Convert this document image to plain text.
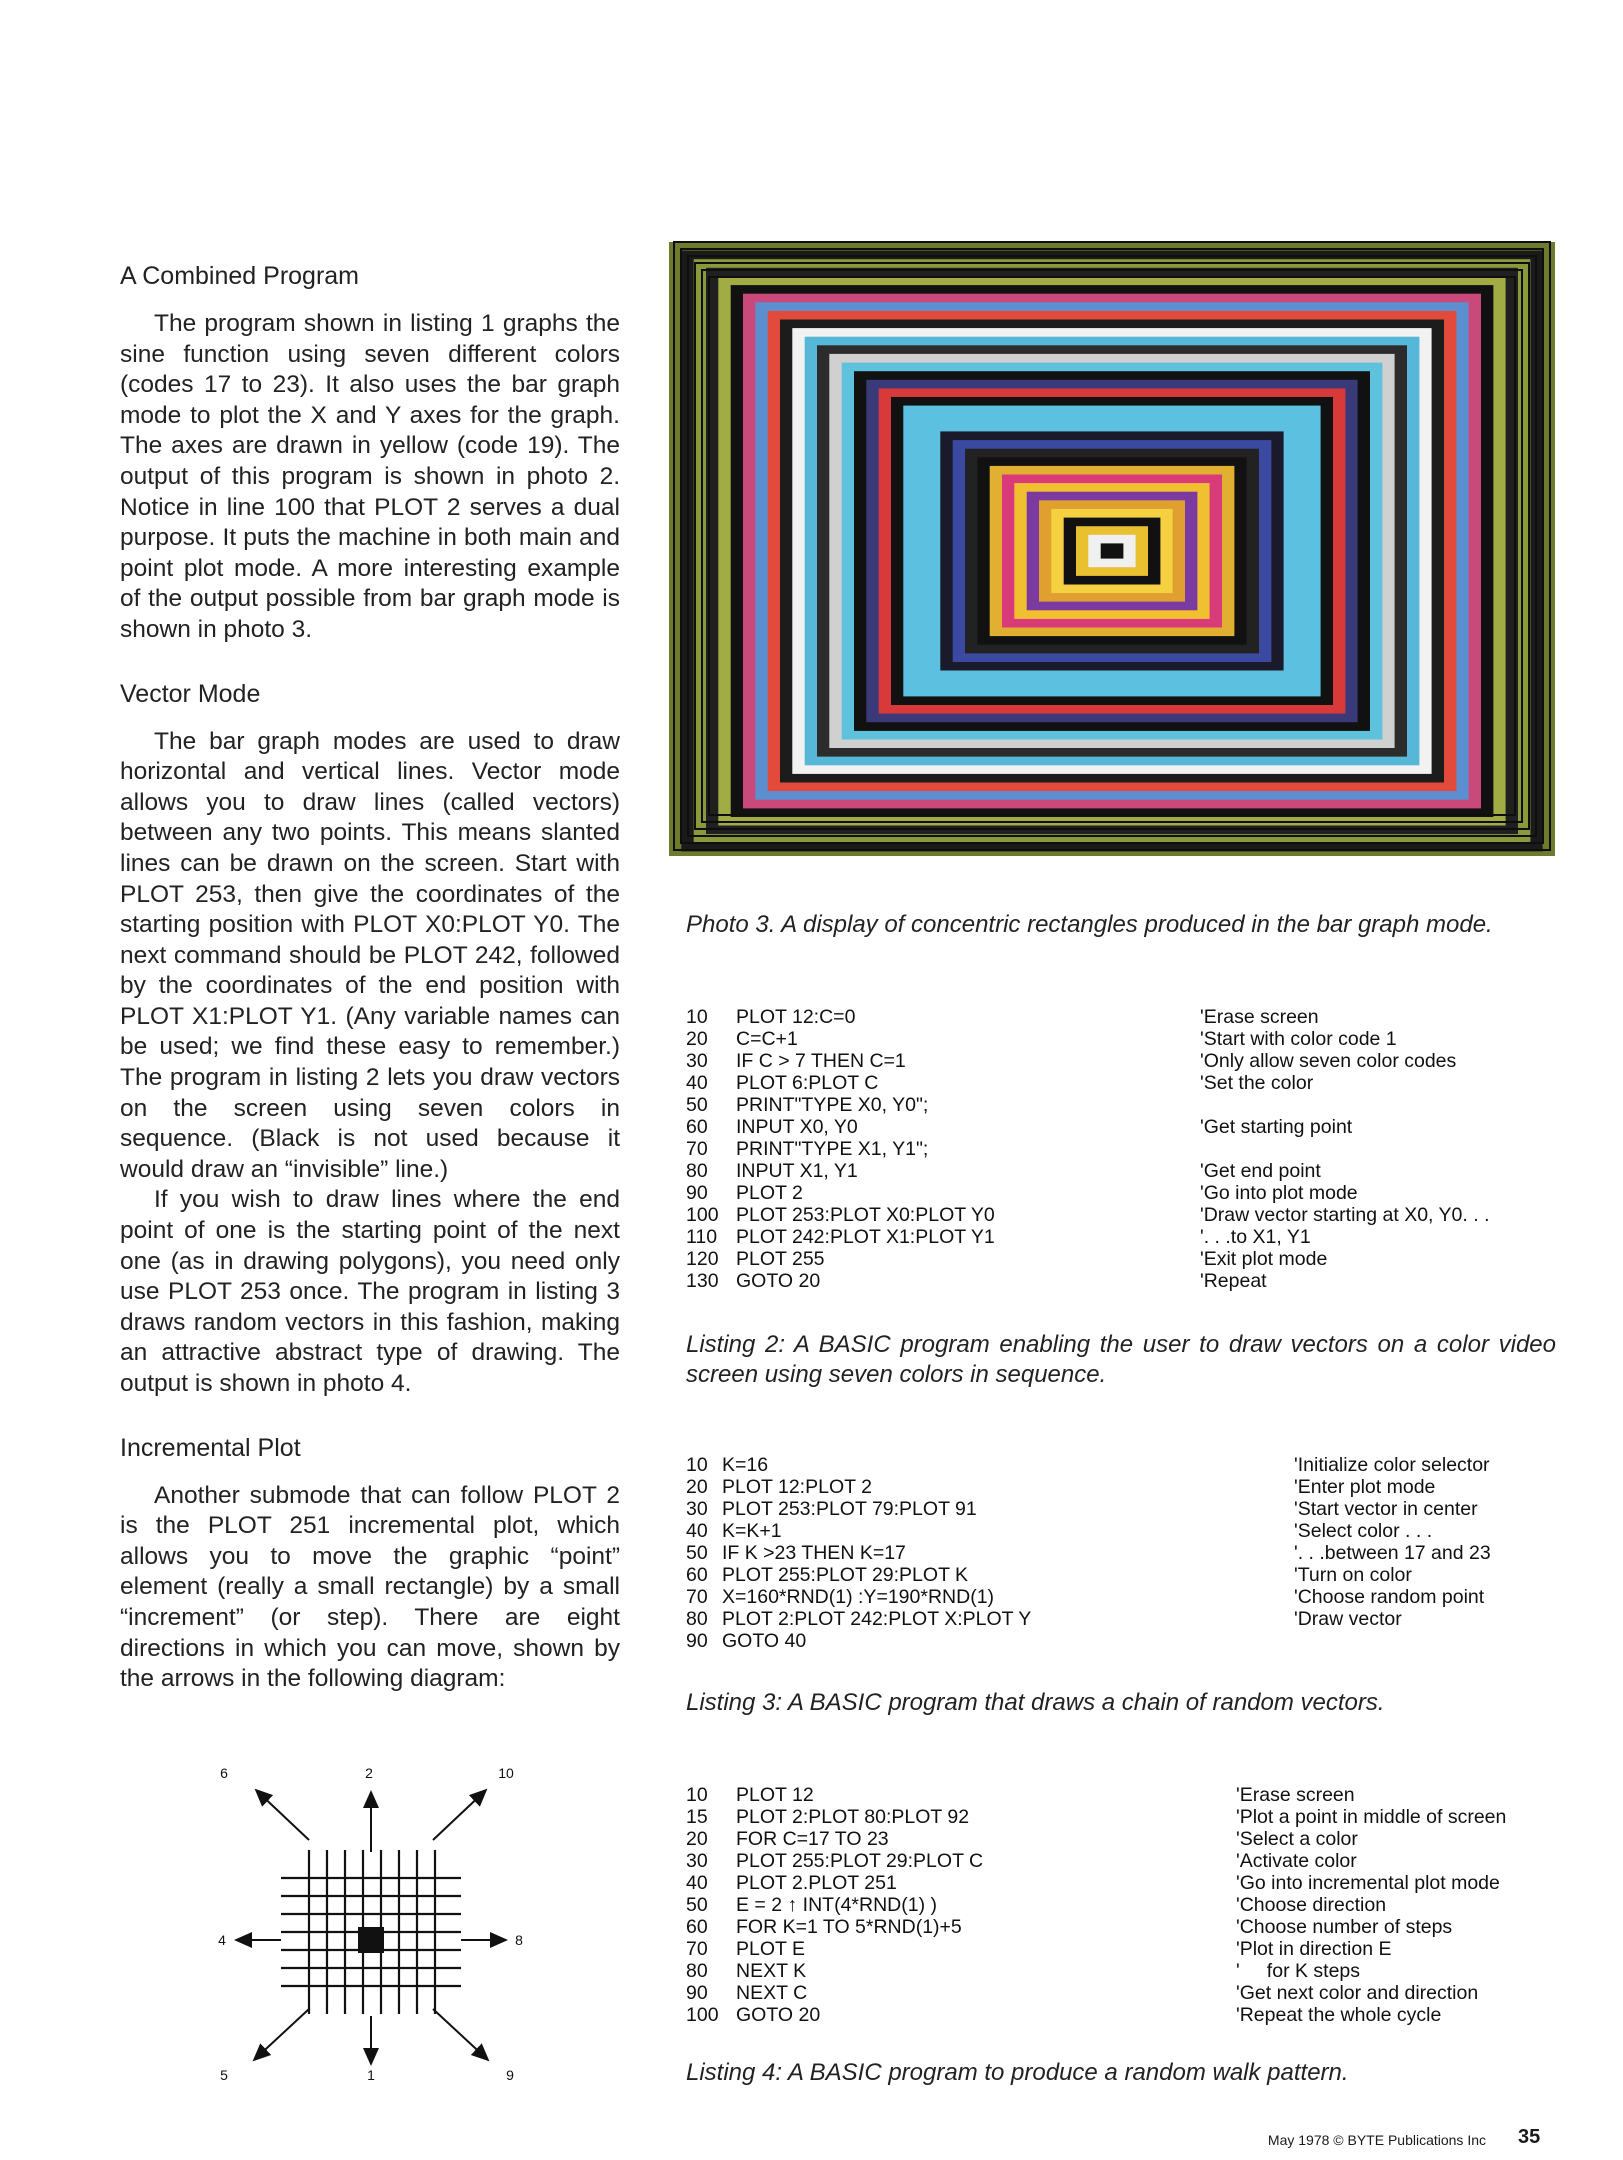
A Combined Program

The program shown in listing 1 graphs the sine function using seven different colors (codes 17 to 23). It also uses the bar graph mode to plot the X and Y axes for the graph. The axes are drawn in yellow (code 19). The output of this program is shown in photo 2. Notice in line 100 that PLOT 2 serves a dual purpose. It puts the machine in both main and point plot mode. A more interesting example of the output possible from bar graph mode is shown in photo 3.

Vector Mode

The bar graph modes are used to draw horizontal and vertical lines. Vector mode allows you to draw lines (called vectors) between any two points. This means slanted lines can be drawn on the screen. Start with PLOT 253, then give the coordinates of the starting position with PLOT X0:PLOT Y0. The next command should be PLOT 242, followed by the coordinates of the end position with PLOT X1:PLOT Y1. (Any variable names can be used; we find these easy to remember.) The program in listing 2 lets you draw vectors on the screen using seven colors in sequence. (Black is not used because it would draw an “invisible” line.)

If you wish to draw lines where the end point of one is the starting point of the next one (as in drawing polygons), you need only use PLOT 253 once. The program in listing 3 draws random vectors in this fashion, making an attractive abstract type of drawing. The output is shown in photo 4.

Incremental Plot

Another submode that can follow PLOT 2 is the PLOT 251 incremental plot, which allows you to move the graphic “point” element (really a small rectangle) by a small “increment” (or step). There are eight directions in which you can move, shown by the arrows in the following diagram:

2	10
8
9
1
5
4
6
Photo 3. A display of concentric rectangles produced in the bar graph mode.
10 PLOT 12:C=0
20 C=C+1
30 IF C > 7 THEN C=1
40 PLOT 6:PLOT C
50 PRINT"TYPE X0, Y0";
60 INPUT X0, Y0
70 PRINT"TYPE X1, Y1";
80 INPUT X1, Y1
90 PLOT 2
100 PLOT 253:PLOT X0:PLOT Y0
110 PLOT 242:PLOT X1:PLOT Y1
120 PLOT 255
130 GOTO 20
'Erase screen
'Start with color code 1
'Only allow seven color codes
'Set the color
'Get starting point
'Get end point
'Go into plot mode
'Draw vector starting at X0, Y0. . .
'. . .to X1, Y1
'Exit plot mode
'Repeat
Listing 2: A BASIC program enabling the user to draw vectors on a color video screen using seven colors in sequence.
10 K=16
20 PLOT 12:PLOT 2
30 PLOT 253:PLOT 79:PLOT 91
40 K=K+1
50 IF K >23 THEN K=17
60 PLOT 255:PLOT 29:PLOT K
70 X=160*RND(1) :Y=190*RND(1)
80 PLOT 2:PLOT 242:PLOT X:PLOT Y
90 GOTO 40
'Initialize color selector
'Enter plot mode
'Start vector in center
'Select color . . .
'. . .between 17 and 23
'Turn on color
'Choose random point
'Draw vector
Listing 3: A BASIC program that draws a chain of random vectors.
10 PLOT 12
15 PLOT 2:PLOT 80:PLOT 92
20 FOR C=17 TO 23
30 PLOT 255:PLOT 29:PLOT C
40 PLOT 2.PLOT 251
50 E = 2 ↑ INT(4*RND(1) )
60 FOR K=1 TO 5*RND(1)+5
70 PLOT E
80 NEXT K
90 NEXT C
100 GOTO 20
'Erase screen
'Plot a point in middle of screen
'Select a color
'Activate color
'Go into incremental plot mode
'Choose direction
'Choose number of steps
'Plot in direction E
'     for K steps
'Get next color and direction
'Repeat the whole cycle
Listing 4: A BASIC program to produce a random walk pattern.
May 1978 © BYTE Publications Inc 35
